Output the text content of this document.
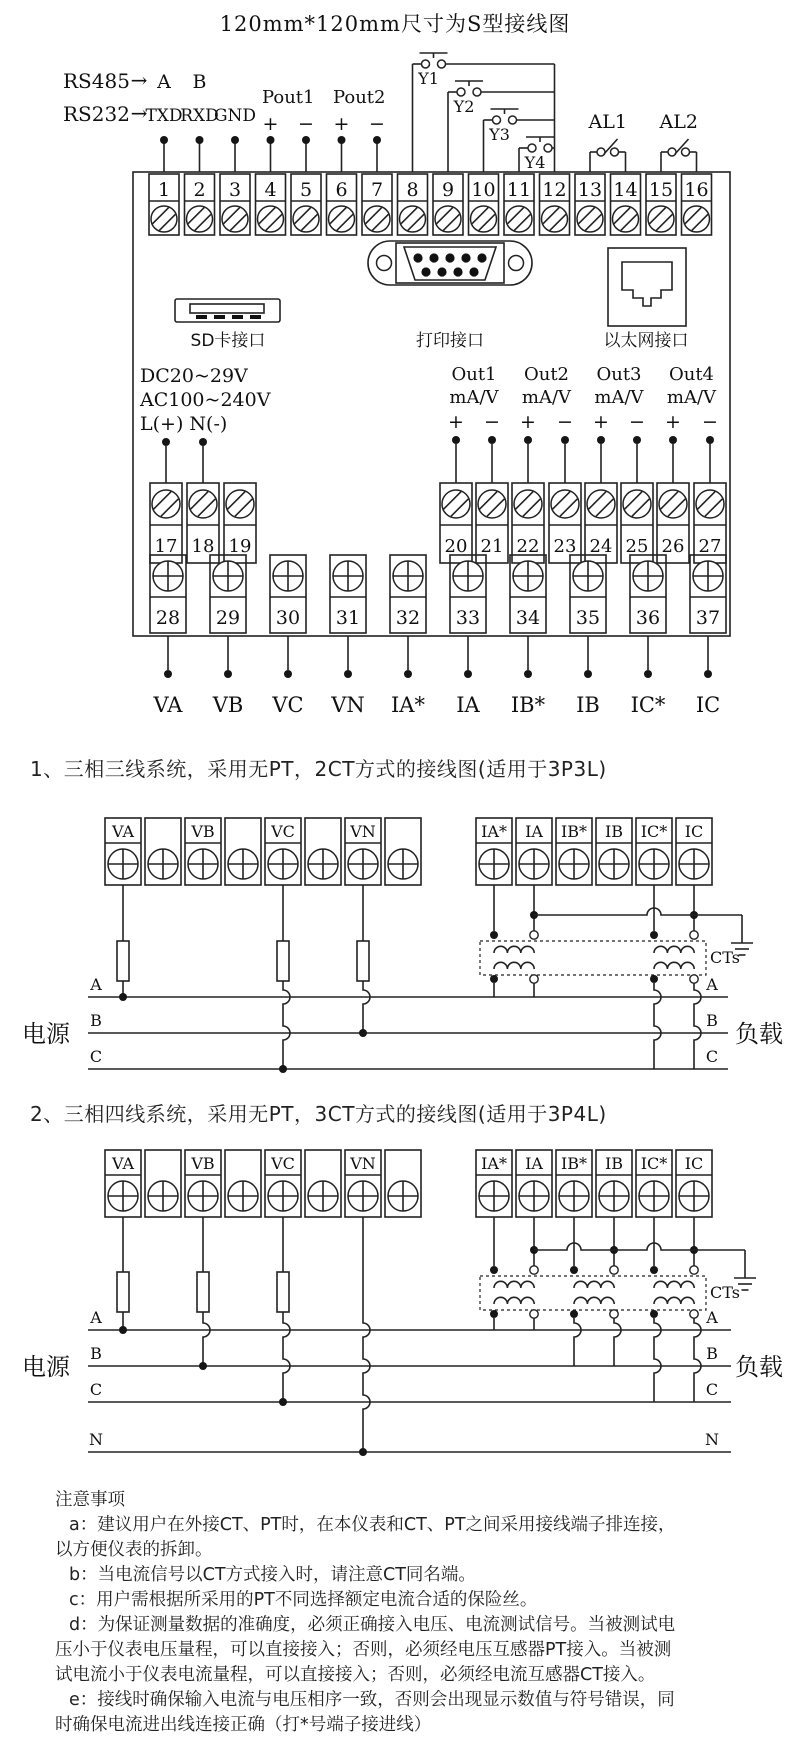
120mm*120mm尺寸为S型接线图
1 2 3 4 5 6 7 8 9 10 11 12 13 14 15 16
RS485 → A B
RS232 →
TXD
RXD
GND
Pout1
+ −
Pout2
+ −
Y1
Y2
Y3
Y4
AL1 AL2
SD卡接口	打印接口	以太网接口
DC20~29V
AC100~240V
L(+) N(-)
17 18 19
Out1
mA/V
+ −
Out2
mA/V
+ −
Out3
mA/V
+ −
Out4
mA/V
+ −
20 21 22 23 24 25 26 27
28
VA
29
VB
30
VC
31
VN
32
IA*
33
IA
34
IB*
35
IB
36
IC*
37
IC
VA	VB	VC	VN	IA* IA IB* IB IC* IC
A	A
B	B
C	C
电源	负载
CTs
VA	VB	VC	VN	IA* IA IB* IB IC* IC
A	A
B	B
C	C
N	N
电源	负载
CTs
1、三相三线系统，采用无PT，2CT方式的接线图(适用于3P3L)
2、三相四线系统，采用无PT，3CT方式的接线图(适用于3P4L)
注意事项
a：建议用户在外接CT、PT时，在本仪表和CT、PT之间采用接线端子排连接，
以方便仪表的拆卸。
b：当电流信号以CT方式接入时，请注意CT同名端。
c：用户需根据所采用的PT不同选择额定电流合适的保险丝。
d：为保证测量数据的准确度，必须正确接入电压、电流测试信号。当被测试电
压小于仪表电压量程，可以直接接入；否则，必须经电压互感器PT接入。当被测
试电流小于仪表电流量程，可以直接接入；否则，必须经电流互感器CT接入。
e：接线时确保输入电流与电压相序一致，否则会出现显示数值与符号错误，同
时确保电流进出线连接正确（打*号端子接进线）
